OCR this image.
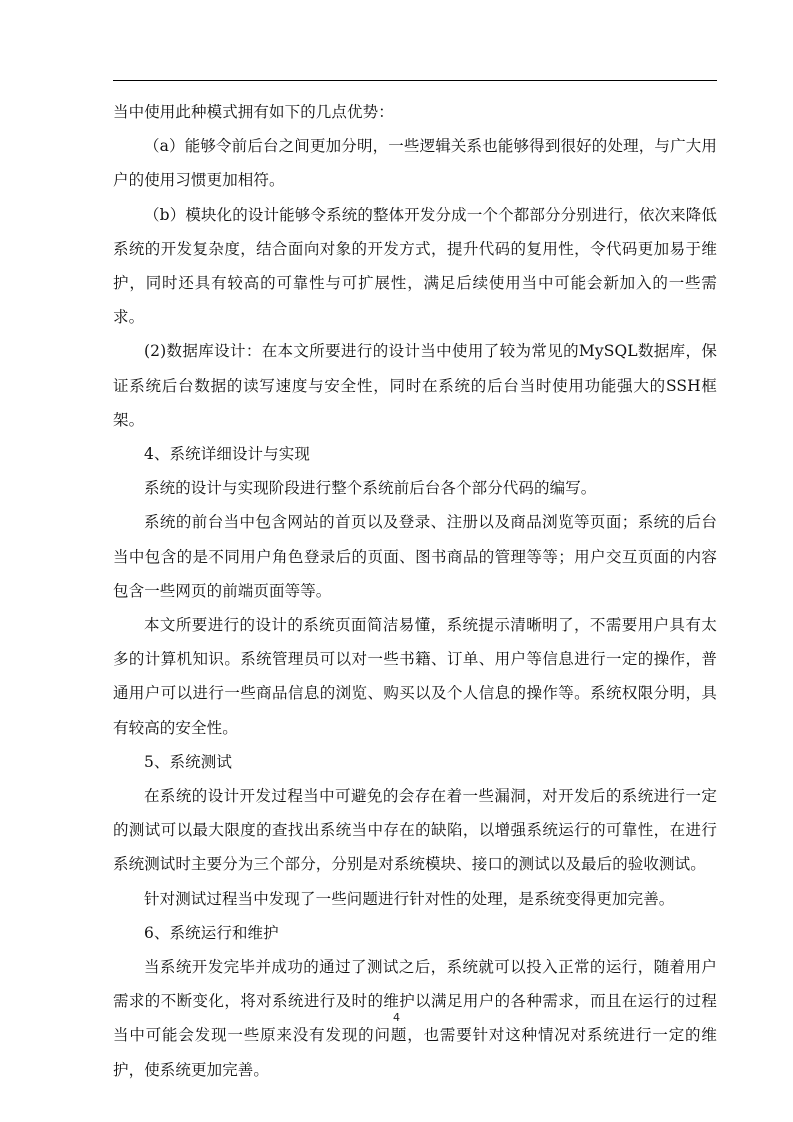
当中使用此种模式拥有如下的几点优势：

（a）能够令前后台之间更加分明，一些逻辑关系也能够得到很好的处理，与广大用户的使用习惯更加相符。

（b）模块化的设计能够令系统的整体开发分成一个个都部分分别进行，依次来降低系统的开发复杂度，结合面向对象的开发方式，提升代码的复用性，令代码更加易于维护，同时还具有较高的可靠性与可扩展性，满足后续使用当中可能会新加入的一些需求。

(2)数据库设计：在本文所要进行的设计当中使用了较为常见的MySQL数据库，保证系统后台数据的读写速度与安全性，同时在系统的后台当时使用功能强大的SSH框架。

4、系统详细设计与实现

系统的设计与实现阶段进行整个系统前后台各个部分代码的编写。

系统的前台当中包含网站的首页以及登录、注册以及商品浏览等页面；系统的后台当中包含的是不同用户角色登录后的页面、图书商品的管理等等；用户交互页面的内容包含一些网页的前端页面等等。

本文所要进行的设计的系统页面简洁易懂，系统提示清晰明了，不需要用户具有太多的计算机知识。系统管理员可以对一些书籍、订单、用户等信息进行一定的操作，普通用户可以进行一些商品信息的浏览、购买以及个人信息的操作等。系统权限分明，具有较高的安全性。

5、系统测试

在系统的设计开发过程当中可避免的会存在着一些漏洞，对开发后的系统进行一定的测试可以最大限度的查找出系统当中存在的缺陷，以增强系统运行的可靠性，在进行系统测试时主要分为三个部分，分别是对系统模块、接口的测试以及最后的验收测试。

针对测试过程当中发现了一些问题进行针对性的处理，是系统变得更加完善。

6、系统运行和维护

当系统开发完毕并成功的通过了测试之后，系统就可以投入正常的运行，随着用户需求的不断变化，将对系统进行及时的维护以满足用户的各种需求，而且在运行的过程当中可能会发现一些原来没有发现的问题，也需要针对这种情况对系统进行一定的维护，使系统更加完善。

4
